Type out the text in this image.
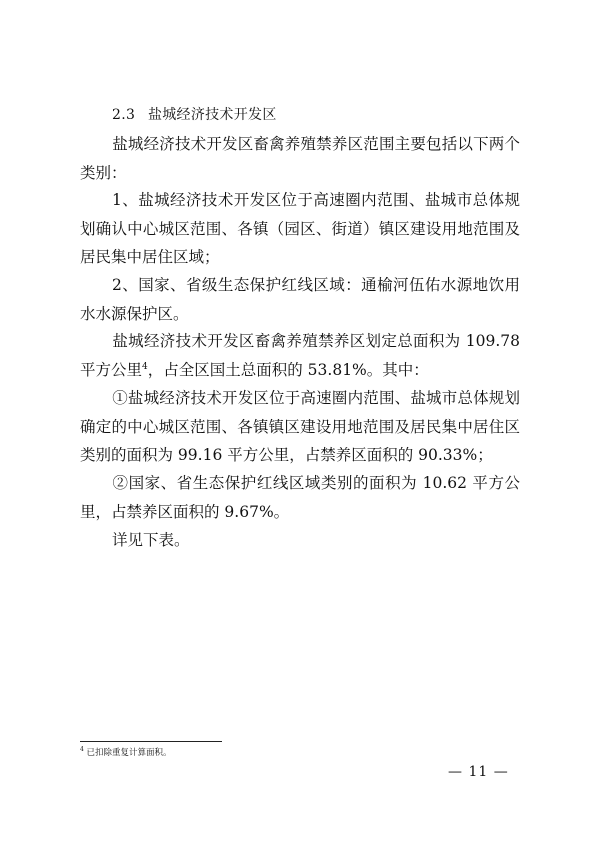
2.3 盐城经济技术开发区

盐城经济技术开发区畜禽养殖禁养区范围主要包括以下两个类别：

1、盐城经济技术开发区位于高速圈内范围、盐城市总体规划确认中心城区范围、各镇（园区、街道）镇区建设用地范围及居民集中居住区域；

2、国家、省级生态保护红线区域：通榆河伍佑水源地饮用水水源保护区。

盐城经济技术开发区畜禽养殖禁养区划定总面积为 109.78 平方公里$^4$，占全区国土总面积的 53.81%。其中：

①盐城经济技术开发区位于高速圈内范围、盐城市总体规划确定的中心城区范围、各镇镇区建设用地范围及居民集中居住区类别的面积为 99.16 平方公里，占禁养区面积的 90.33%；

②国家、省生态保护红线区域类别的面积为 10.62 平方公里，占禁养区面积的 9.67%。

详见下表。

$^4$ 已扣除重复计算面积。
— 11 —
